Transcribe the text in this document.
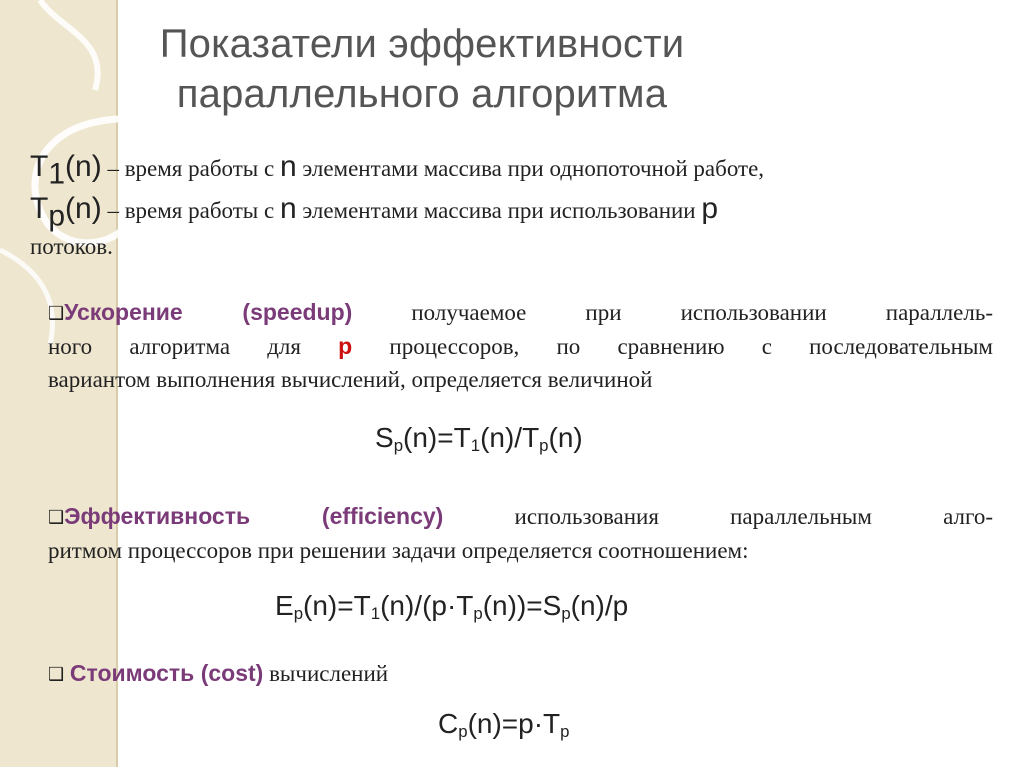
Показатели эффективности
параллельного алгоритма
$T_1(n)$ – время работы с n элементами массива при однопоточной работе,
$T_p(n)$ – время работы с n элементами массива при использовании p
потоков.
❑Ускорение (speedup) получаемое при использовании параллель-
ного алгоритма для p процессоров, по сравнению с последовательным
вариантом выполнения вычислений, определяется величиной
$S_p(n)=T_1(n)/T_p(n)$
❑Эффективность (efficiency) использования параллельным алго-
ритмом процессоров при решении задачи определяется соотношением:
$E_p(n)=T_1(n)/(p\cdot T_p(n))=S_p(n)/p$
❑ Стоимость (cost) вычислений
$C_p(n)=p\cdot T_p$
